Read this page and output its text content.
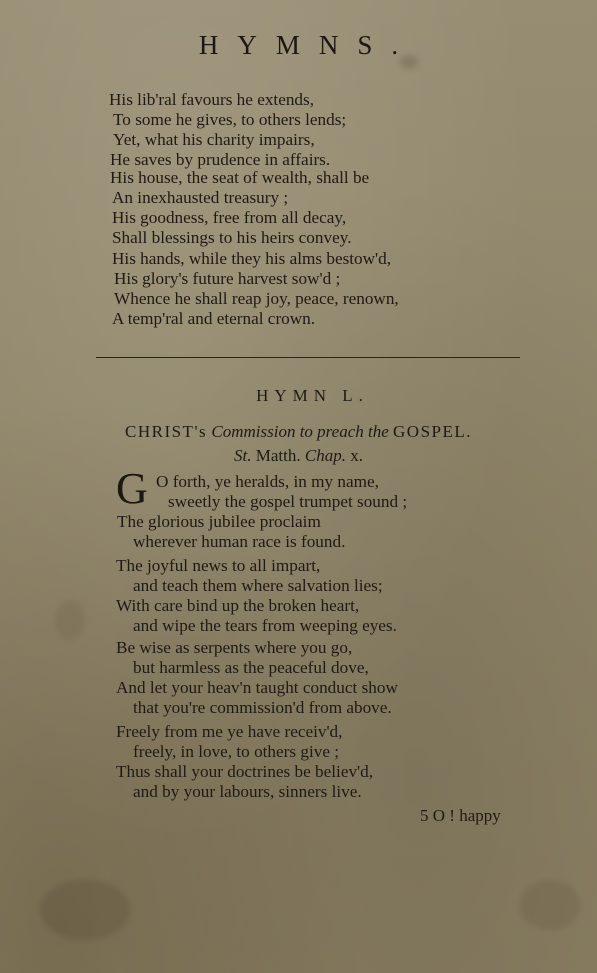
HYMNS.
His lib'ral favours he extends,
To some he gives, to others lends;
Yet, what his charity impairs,
He saves by prudence in affairs.
His house, the seat of wealth, shall be
An inexhausted treasury ;
His goodness, free from all decay,
Shall blessings to his heirs convey.
His hands, while they his alms bestow'd,
His glory's future harvest sow'd ;
Whence he shall reap joy, peace, renown,
A temp'ral and eternal crown.
HYMN L.
CHRIST's Commission to preach the GOSPEL.
St. Matth. Chap. x.
G O forth, ye heralds, in my name,
sweetly the gospel trumpet sound ;
The glorious jubilee proclaim
wherever human race is found.
The joyful news to all impart,
and teach them where salvation lies;
With care bind up the broken heart,
and wipe the tears from weeping eyes.
Be wise as serpents where you go,
but harmless as the peaceful dove,
And let your heav'n taught conduct show
that you're commission'd from above.
Freely from me ye have receiv'd,
freely, in love, to others give ;
Thus shall your doctrines be believ'd,
and by your labours, sinners live.
5 O ! happy
